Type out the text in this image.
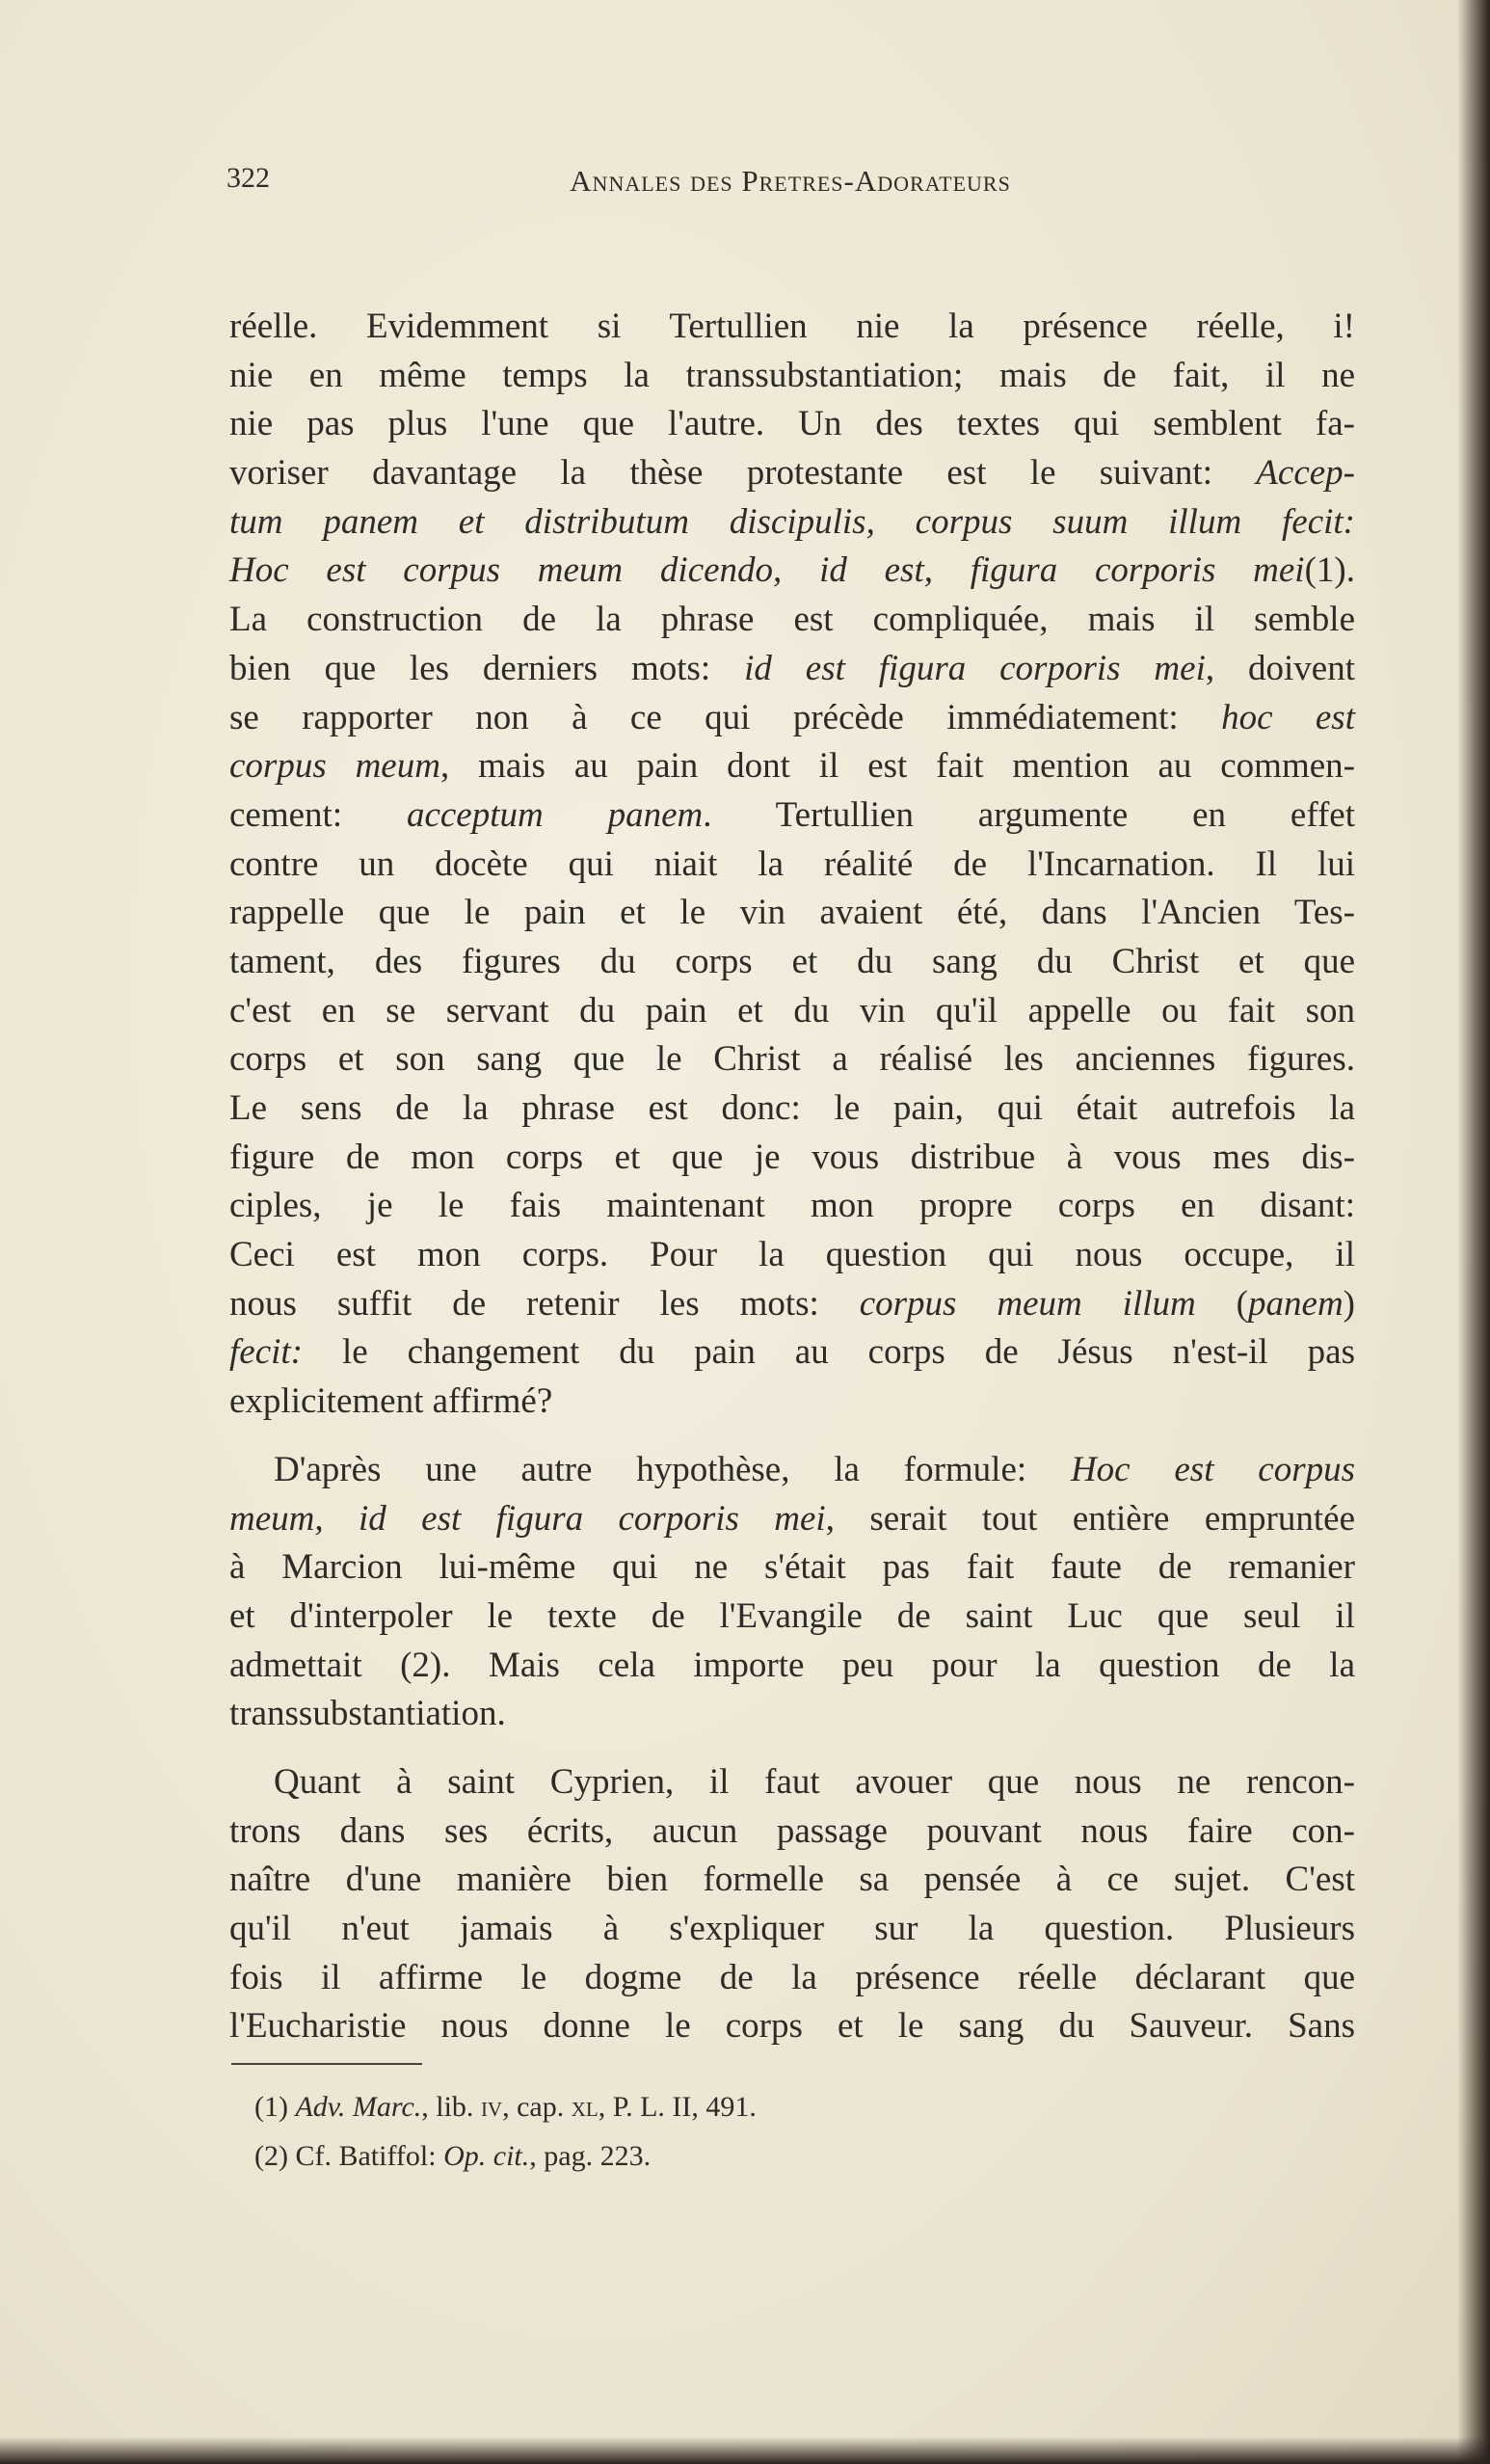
322	Annales des Pretres-Adorateurs
réelle. Evidemment si Tertullien nie la présence réelle, i!
nie en même temps la transsubstantiation; mais de fait, il ne
nie pas plus l'une que l'autre. Un des textes qui semblent fa-
voriser davantage la thèse protestante est le suivant: Accep-
tum panem et distributum discipulis, corpus suum illum fecit:
Hoc est corpus meum dicendo, id est, figura corporis mei(1).
La construction de la phrase est compliquée, mais il semble
bien que les derniers mots: id est figura corporis mei, doivent
se rapporter non à ce qui précède immédiatement: hoc est
corpus meum, mais au pain dont il est fait mention au commen-
cement: acceptum panem. Tertullien argumente en effet
contre un docète qui niait la réalité de l'Incarnation. Il lui
rappelle que le pain et le vin avaient été, dans l'Ancien Tes-
tament, des figures du corps et du sang du Christ et que
c'est en se servant du pain et du vin qu'il appelle ou fait son
corps et son sang que le Christ a réalisé les anciennes figures.
Le sens de la phrase est donc: le pain, qui était autrefois la
figure de mon corps et que je vous distribue à vous mes dis-
ciples, je le fais maintenant mon propre corps en disant:
Ceci est mon corps. Pour la question qui nous occupe, il
nous suffit de retenir les mots: corpus meum illum (panem)
fecit: le changement du pain au corps de Jésus n'est-il pas
explicitement affirmé?
D'après une autre hypothèse, la formule: Hoc est corpus
meum, id est figura corporis mei, serait tout entière empruntée
à Marcion lui-même qui ne s'était pas fait faute de remanier
et d'interpoler le texte de l'Evangile de saint Luc que seul il
admettait (2). Mais cela importe peu pour la question de la
transsubstantiation.
Quant à saint Cyprien, il faut avouer que nous ne rencon-
trons dans ses écrits, aucun passage pouvant nous faire con-
naître d'une manière bien formelle sa pensée à ce sujet. C'est
qu'il n'eut jamais à s'expliquer sur la question. Plusieurs
fois il affirme le dogme de la présence réelle déclarant que
l'Eucharistie nous donne le corps et le sang du Sauveur. Sans
(1) Adv. Marc., lib. iv, cap. xl, P. L. II, 491.
(2) Cf. Batiffol: Op. cit., pag. 223.
